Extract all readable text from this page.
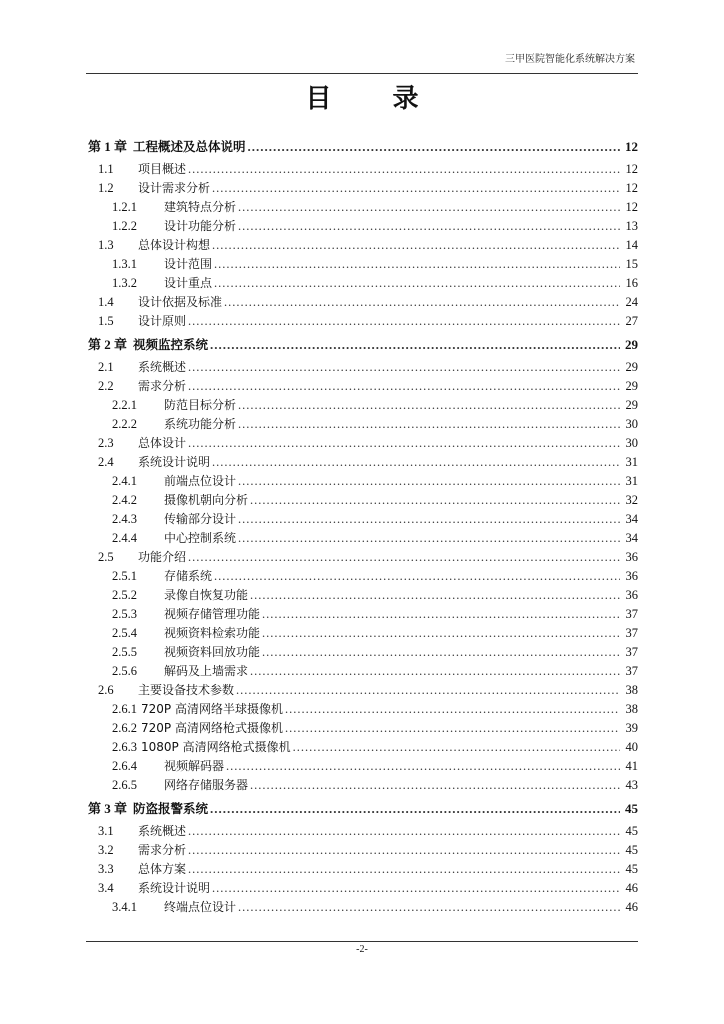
三甲医院智能化系统解决方案
目 录
第 1 章 工程概述及总体说明 .....	12
1.1	项目概述 .....	12
1.2	设计需求分析 .....	12
1.2.1	建筑特点分析 .....	12
1.2.2	设计功能分析 .....	13
1.3	总体设计构想 .....	14
1.3.1	设计范围 .....	15
1.3.2	设计重点 .....	16
1.4	设计依据及标准 .....	24
1.5	设计原则 .....	27
第 2 章 视频监控系统 .....	29
2.1	系统概述 .....	29
2.2	需求分析 .....	29
2.2.1	防范目标分析 .....	29
2.2.2	系统功能分析 .....	30
2.3	总体设计 .....	30
2.4	系统设计说明 .....	31
2.4.1	前端点位设计 .....	31
2.4.2	摄像机朝向分析 .....	32
2.4.3	传输部分设计 .....	34
2.4.4	中心控制系统 .....	34
2.5	功能介绍 .....	36
2.5.1	存储系统 .....	36
2.5.2	录像自恢复功能 .....	36
2.5.3	视频存储管理功能 .....	37
2.5.4	视频资料检索功能 .....	37
2.5.5	视频资料回放功能 .....	37
2.5.6	解码及上墙需求 .....	37
2.6	主要设备技术参数 .....	38
2.6.1 720P 高清网络半球摄像机 .....	38
2.6.2 720P 高清网络枪式摄像机 .....	39
2.6.3 1080P 高清网络枪式摄像机 .....	40
2.6.4	视频解码器 .....	41
2.6.5	网络存储服务器 .....	43
第 3 章 防盗报警系统 .....	45
3.1	系统概述 .....	45
3.2	需求分析 .....	45
3.3	总体方案 .....	45
3.4	系统设计说明 .....	46
3.4.1	终端点位设计 .....	46
-2-
